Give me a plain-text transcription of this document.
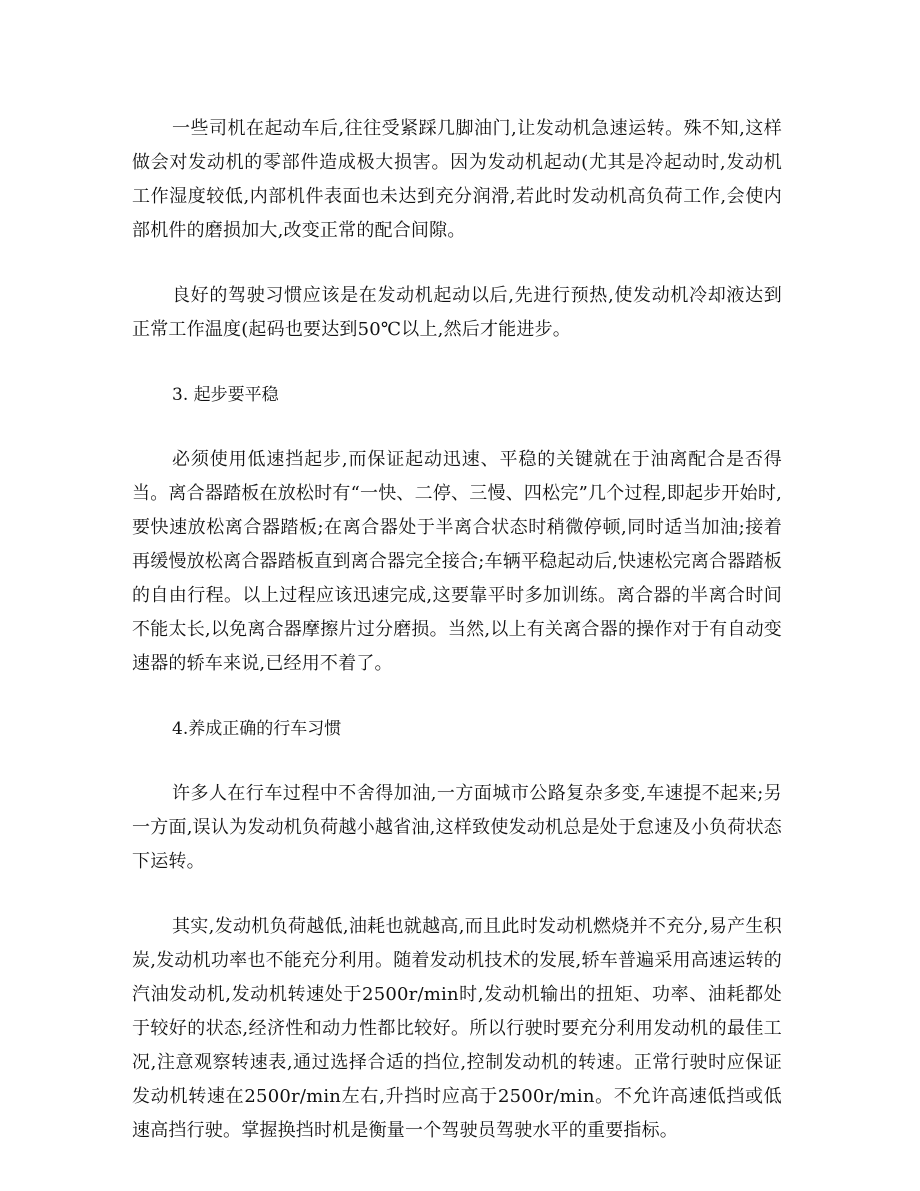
一些司机在起动车后,往往受紧踩几脚油门,让发动机急速运转。殊不知,这样做会对发动机的零部件造成极大损害。因为发动机起动(尤其是冷起动时,发动机工作湿度较低,内部机件表面也未达到充分润滑,若此时发动机高负荷工作,会使内部机件的磨损加大,改变正常的配合间隙。

良好的驾驶习惯应该是在发动机起动以后,先进行预热,使发动机冷却液达到正常工作温度(起码也要达到50℃以上,然后才能进步。

3. 起步要平稳

必须使用低速挡起步,而保证起动迅速、平稳的关键就在于油离配合是否得当。离合器踏板在放松时有“一快、二停、三慢、四松完”几个过程,即起步开始时,要快速放松离合器踏板;在离合器处于半离合状态时稍微停顿,同时适当加油;接着再缓慢放松离合器踏板直到离合器完全接合;车辆平稳起动后,快速松完离合器踏板的自由行程。以上过程应该迅速完成,这要靠平时多加训练。离合器的半离合时间不能太长,以免离合器摩擦片过分磨损。当然,以上有关离合器的操作对于有自动变速器的轿车来说,已经用不着了。

4.养成正确的行车习惯

许多人在行车过程中不舍得加油,一方面城市公路复杂多变,车速提不起来;另一方面,误认为发动机负荷越小越省油,这样致使发动机总是处于怠速及小负荷状态下运转。

其实,发动机负荷越低,油耗也就越高,而且此时发动机燃烧并不充分,易产生积炭,发动机功率也不能充分利用。随着发动机技术的发展,轿车普遍采用高速运转的汽油发动机,发动机转速处于2500r/min时,发动机输出的扭矩、功率、油耗都处于较好的状态,经济性和动力性都比较好。所以行驶时要充分利用发动机的最佳工况,注意观察转速表,通过选择合适的挡位,控制发动机的转速。正常行驶时应保证发动机转速在2500r/min左右,升挡时应高于2500r/min。不允许高速低挡或低速高挡行驶。掌握换挡时机是衡量一个驾驶员驾驶水平的重要指标。
